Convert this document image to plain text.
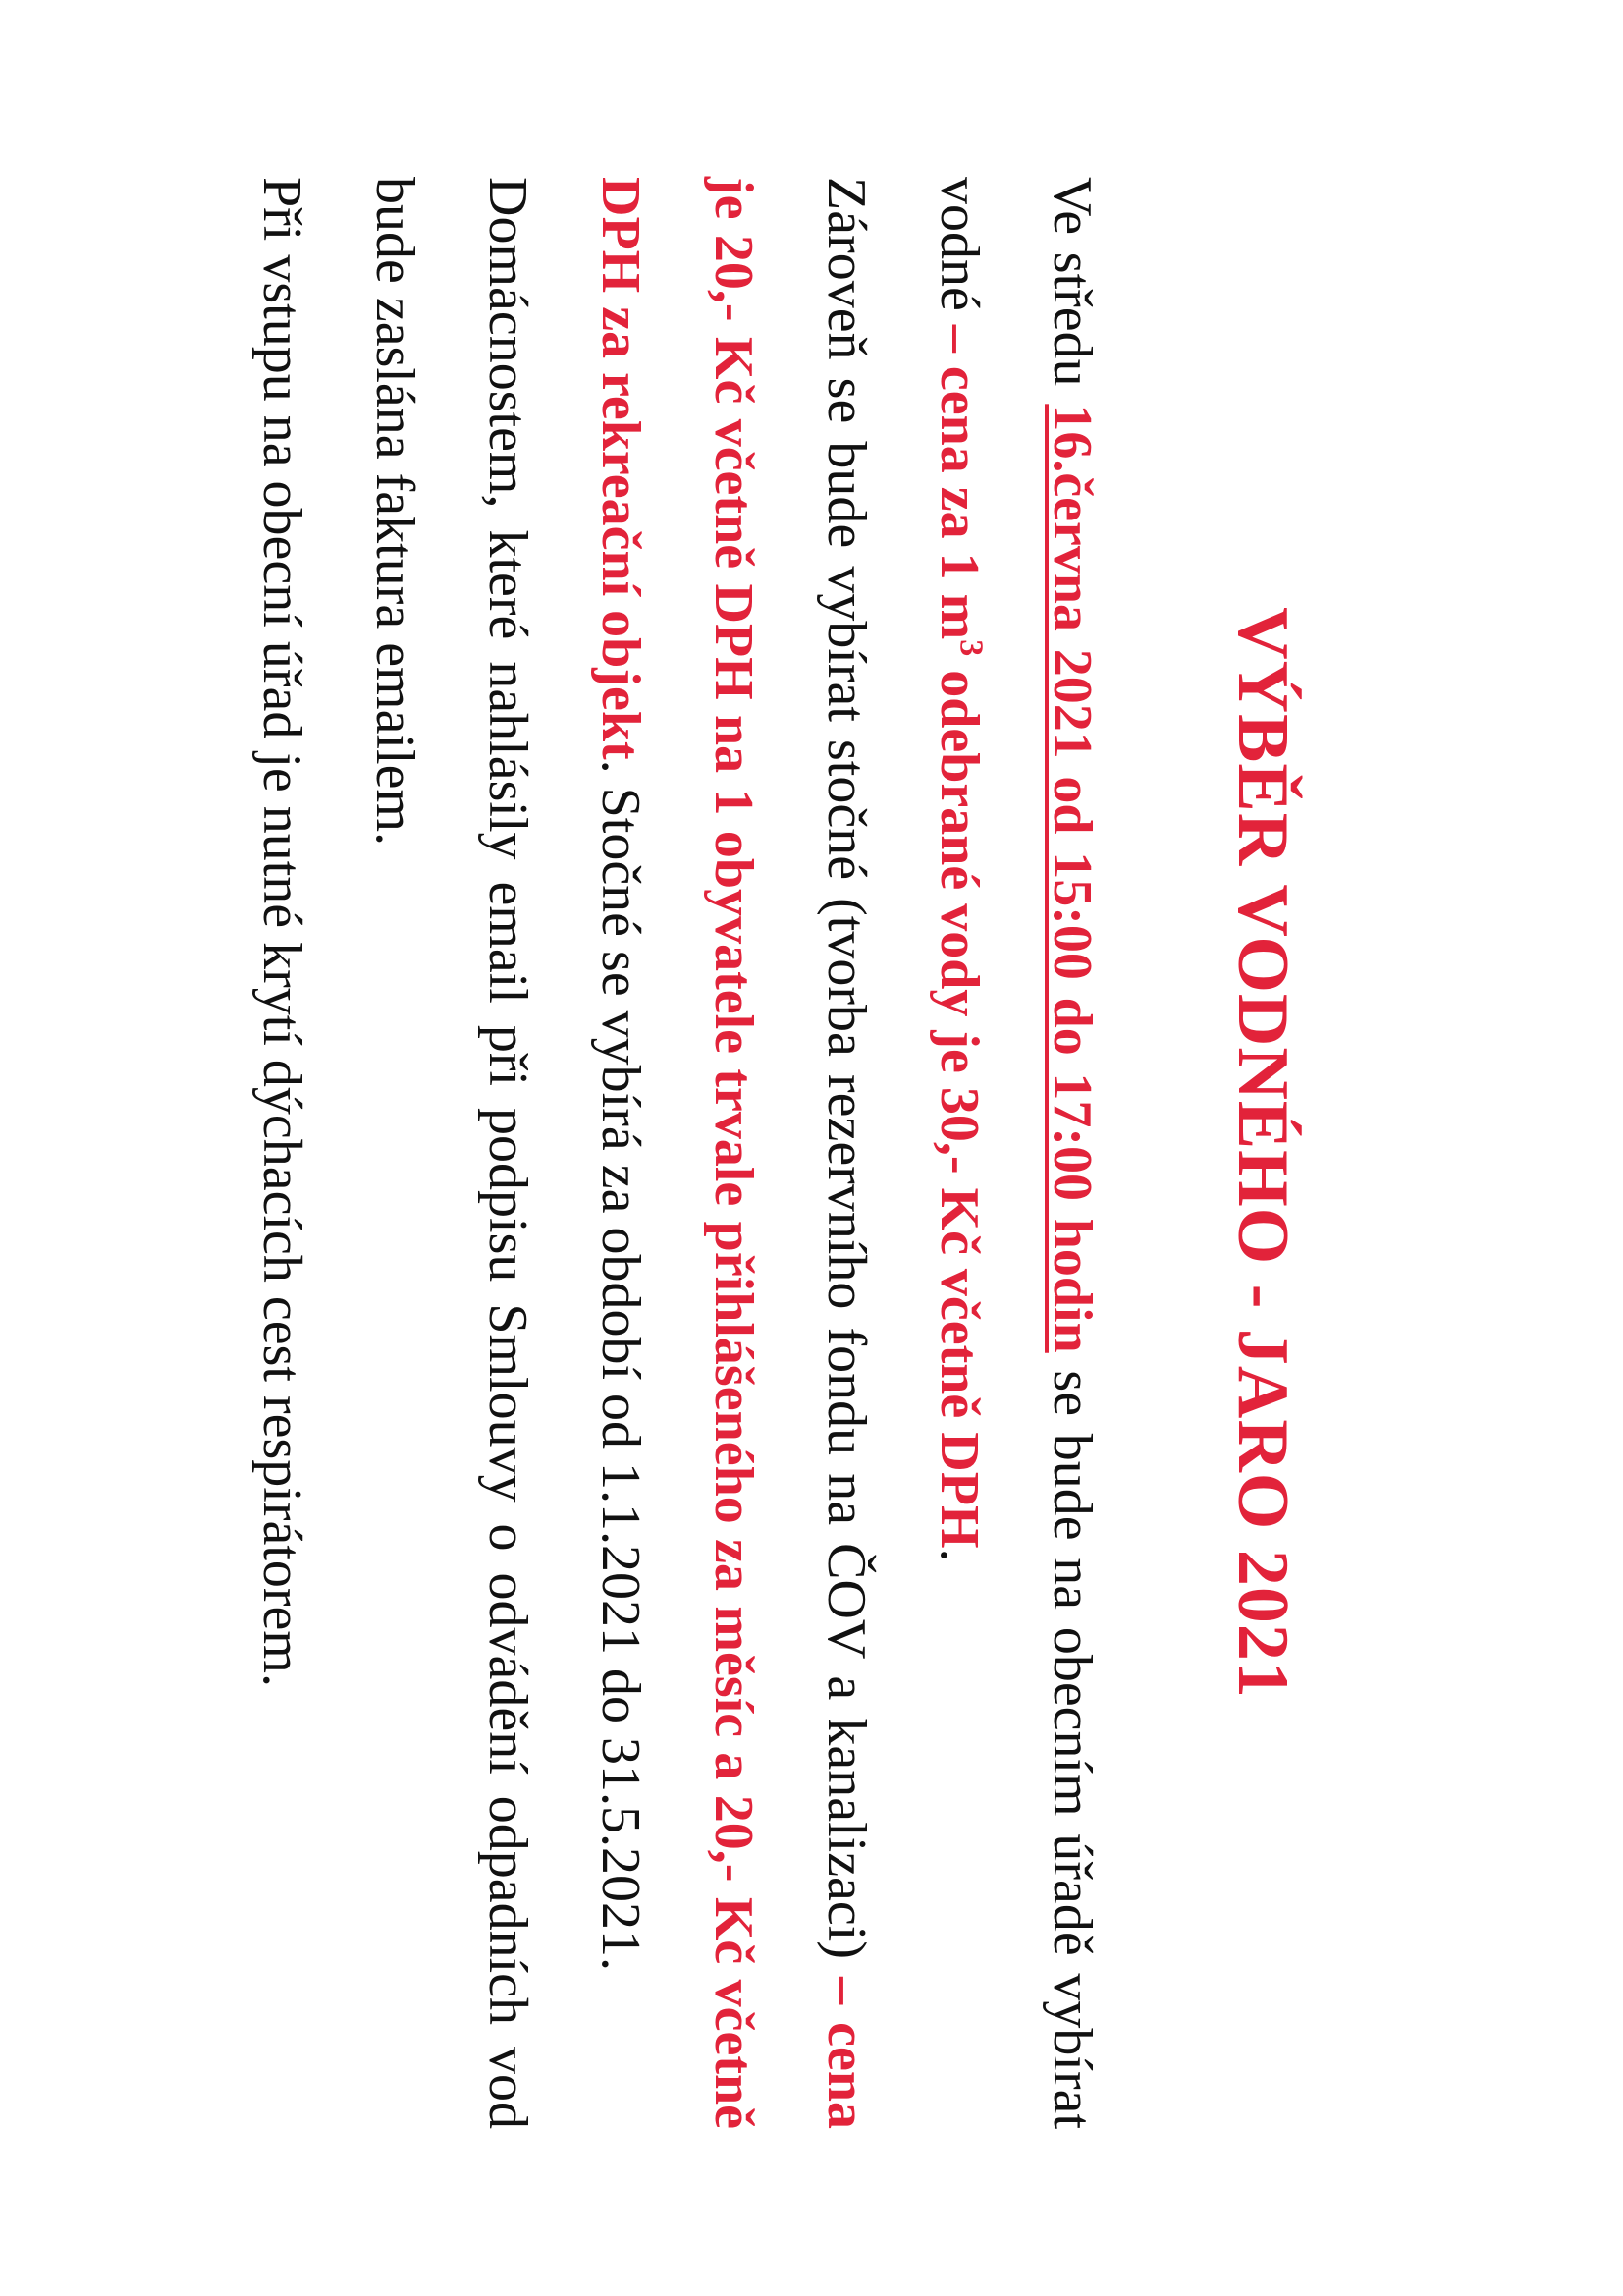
VÝBĚR VODNÉHO - JARO 2021

Ve středu 16.června 2021 od 15:00 do 17:00 hodin se bude na obecním úřadě vybírat vodné – cena za 1 $m^3$ odebrané vody je 30,- Kč včetně DPH.

Zároveň se bude vybírat stočné (tvorba rezervního fondu na ČOV a kanalizaci) – cena je 20,- Kč včetně DPH na 1 obyvatele trvale přihlášeného za měsíc a 20,- Kč včetně DPH za rekreační objekt. Stočné se vybírá za období od 1.1.2021 do 31.5.2021.

Domácnostem, které nahlásily email při podpisu Smlouvy o odvádění odpadních vod bude zaslána faktura emailem.

Při vstupu na obecní úřad je nutné krytí dýchacích cest respirátorem.
